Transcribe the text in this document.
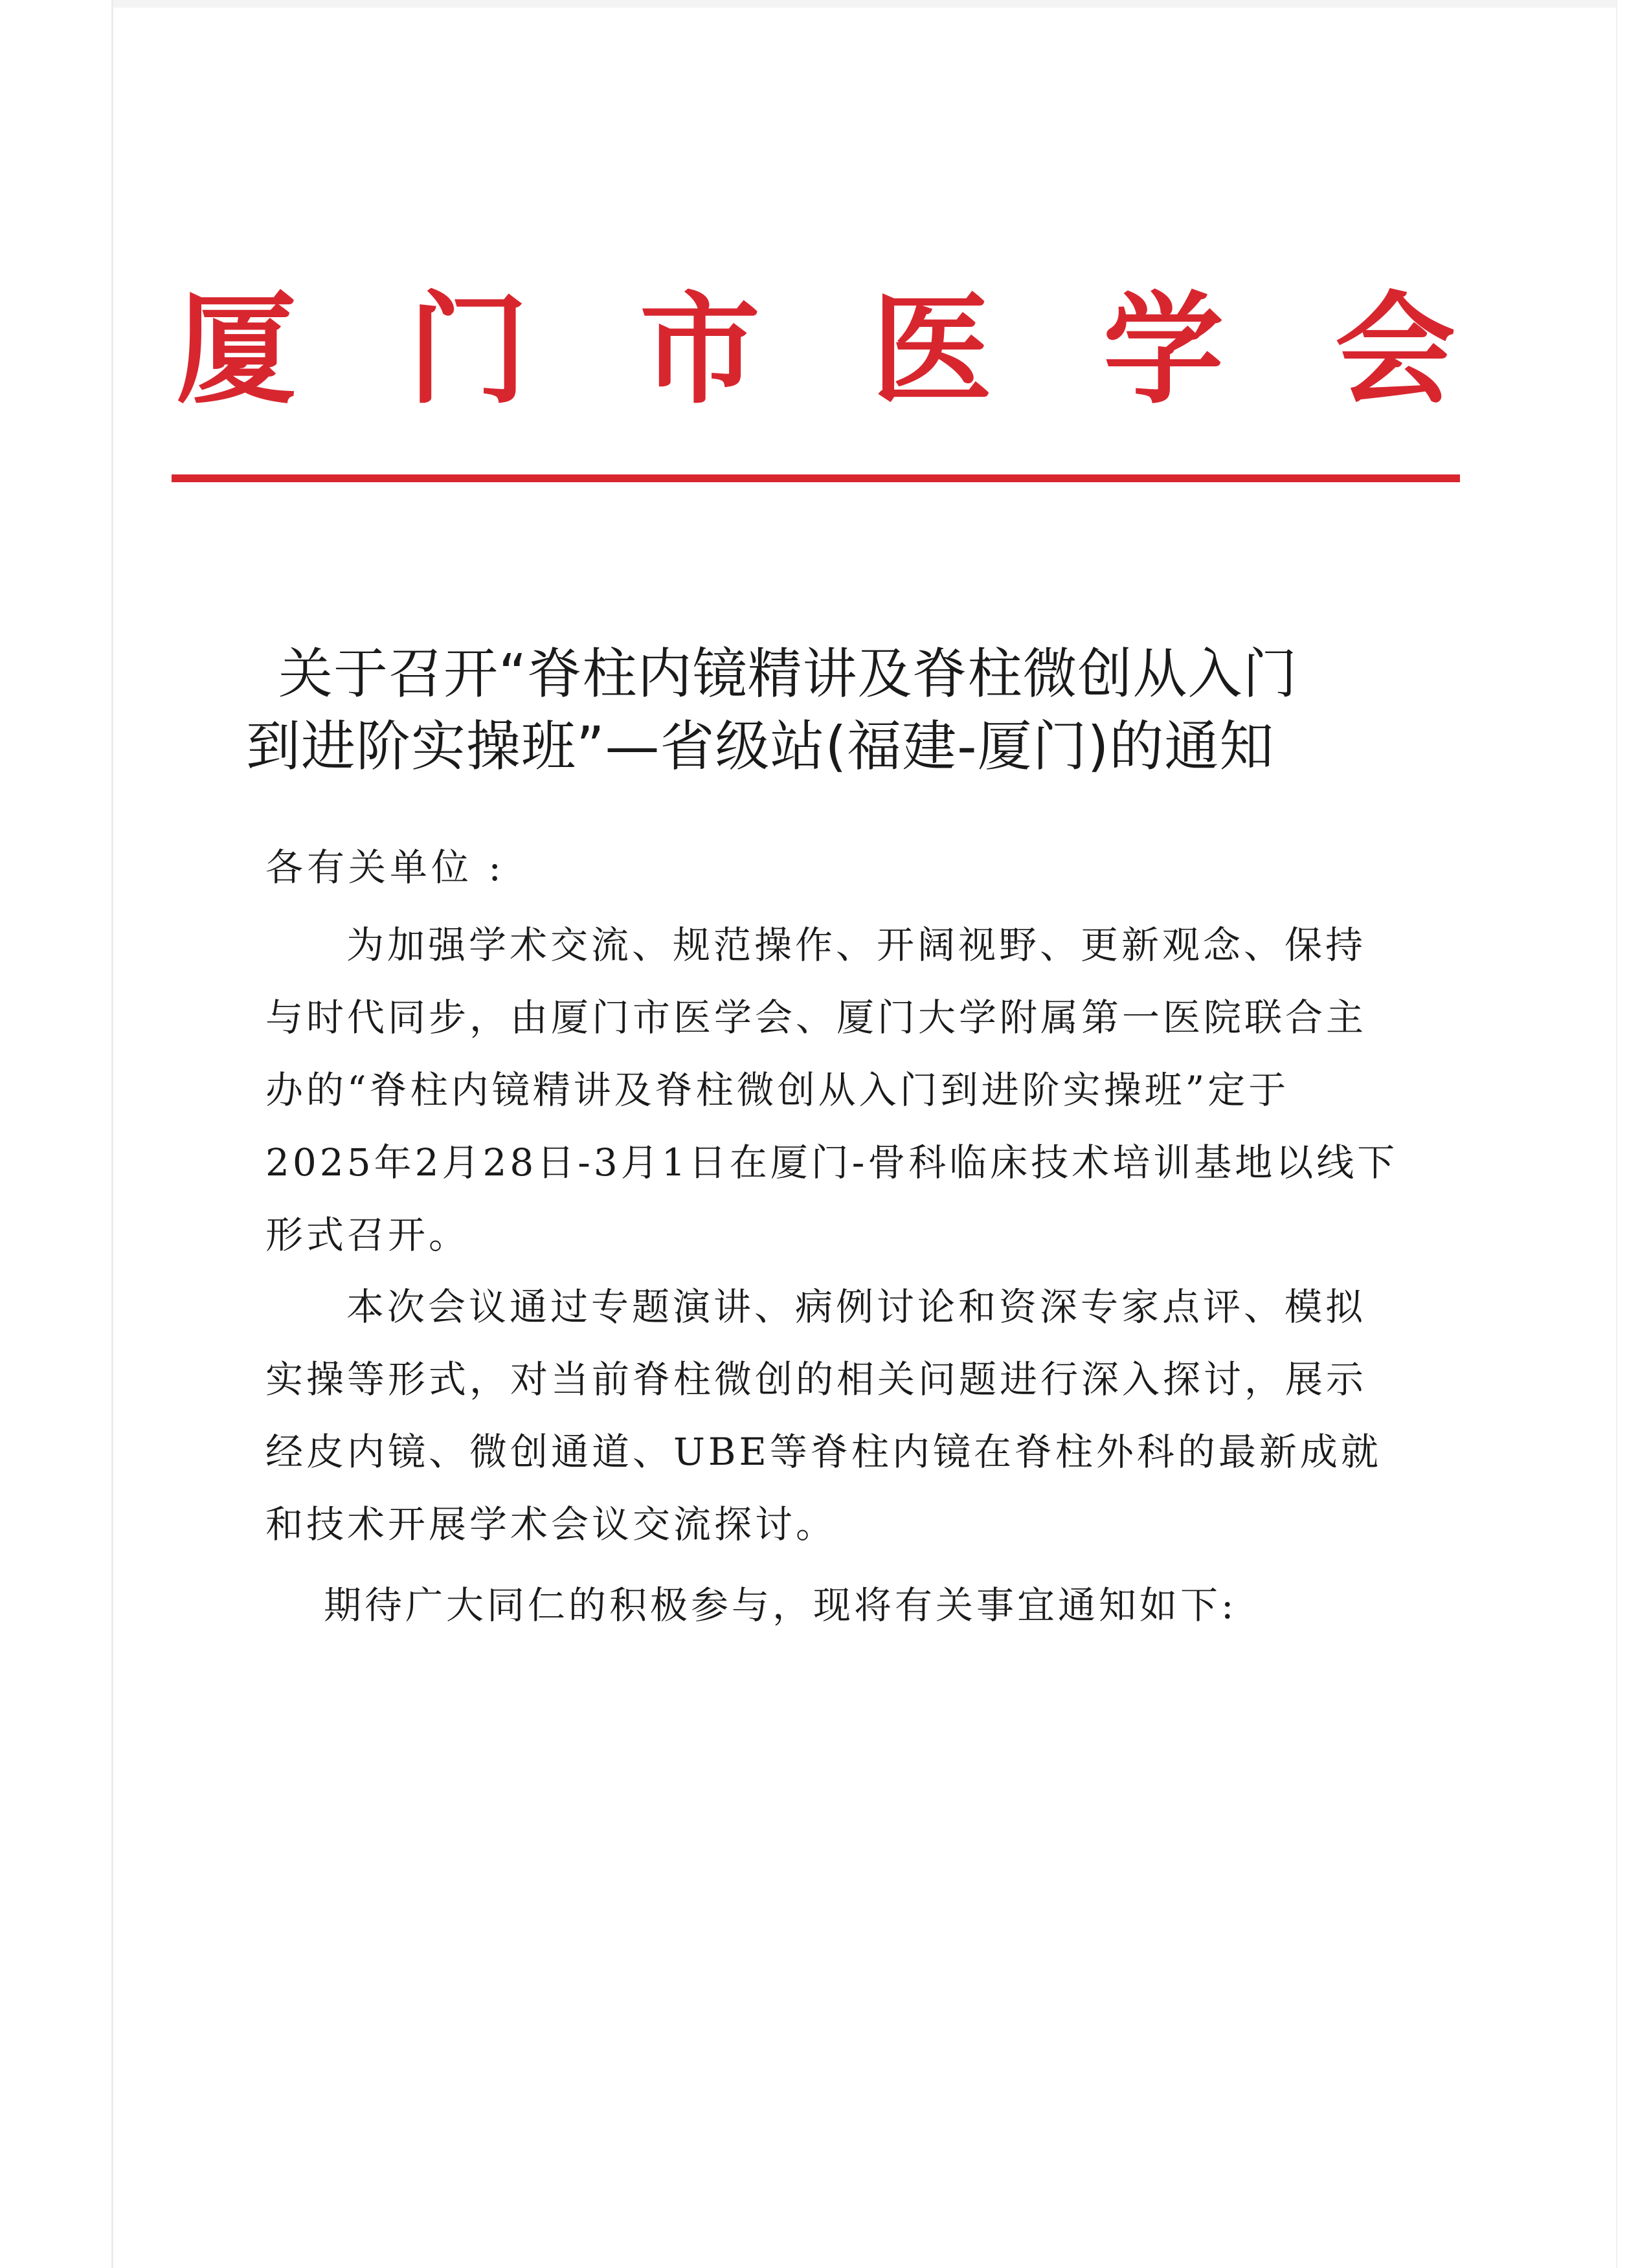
厦 门 市 医 学 会
关于召开“脊柱内镜精讲及脊柱微创从入门
到进阶实操班”—省级站(福建-厦门)的通知
各有关单位 :
为加强学术交流、规范操作、开阔视野、更新观念、保持
与时代同步，由厦门市医学会、厦门大学附属第一医院联合主
办的“脊柱内镜精讲及脊柱微创从入门到进阶实操班”定于
2025年2月28日-3月1日在厦门-骨科临床技术培训基地以线下
形式召开。
本次会议通过专题演讲、病例讨论和资深专家点评、模拟
实操等形式，对当前脊柱微创的相关问题进行深入探讨，展示
经皮内镜、微创通道、UBE等脊柱内镜在脊柱外科的最新成就
和技术开展学术会议交流探讨。
期待广大同仁的积极参与，现将有关事宜通知如下:
